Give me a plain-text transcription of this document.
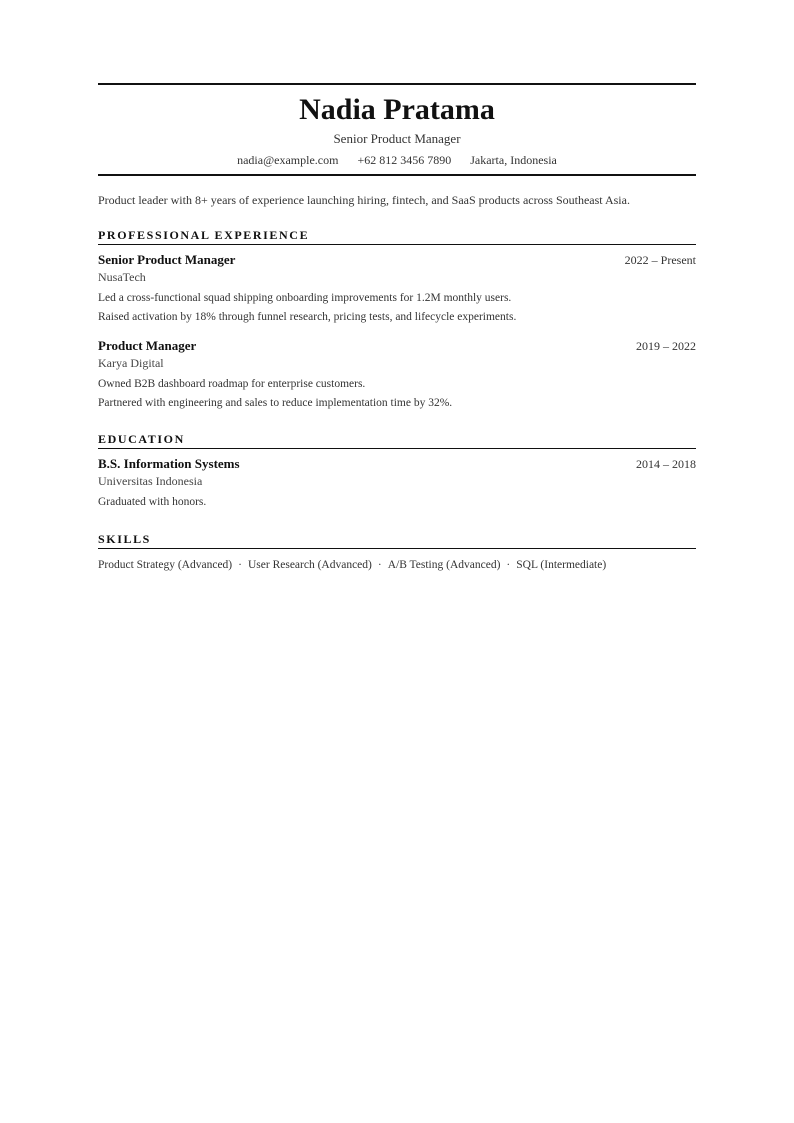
Nadia Pratama
Senior Product Manager
nadia@example.com +62 812 3456 7890 Jakarta, Indonesia
Product leader with 8+ years of experience launching hiring, fintech, and SaaS products across Southeast Asia.
PROFESSIONAL EXPERIENCE
Senior Product Manager	2022 – Present
NusaTech
Led a cross-functional squad shipping onboarding improvements for 1.2M monthly users.
Raised activation by 18% through funnel research, pricing tests, and lifecycle experiments.
Product Manager	2019 – 2022
Karya Digital
Owned B2B dashboard roadmap for enterprise customers.
Partnered with engineering and sales to reduce implementation time by 32%.
EDUCATION
B.S. Information Systems	2014 – 2018
Universitas Indonesia
Graduated with honors.
SKILLS
Product Strategy (Advanced) · User Research (Advanced) · A/B Testing (Advanced) · SQL (Intermediate)
